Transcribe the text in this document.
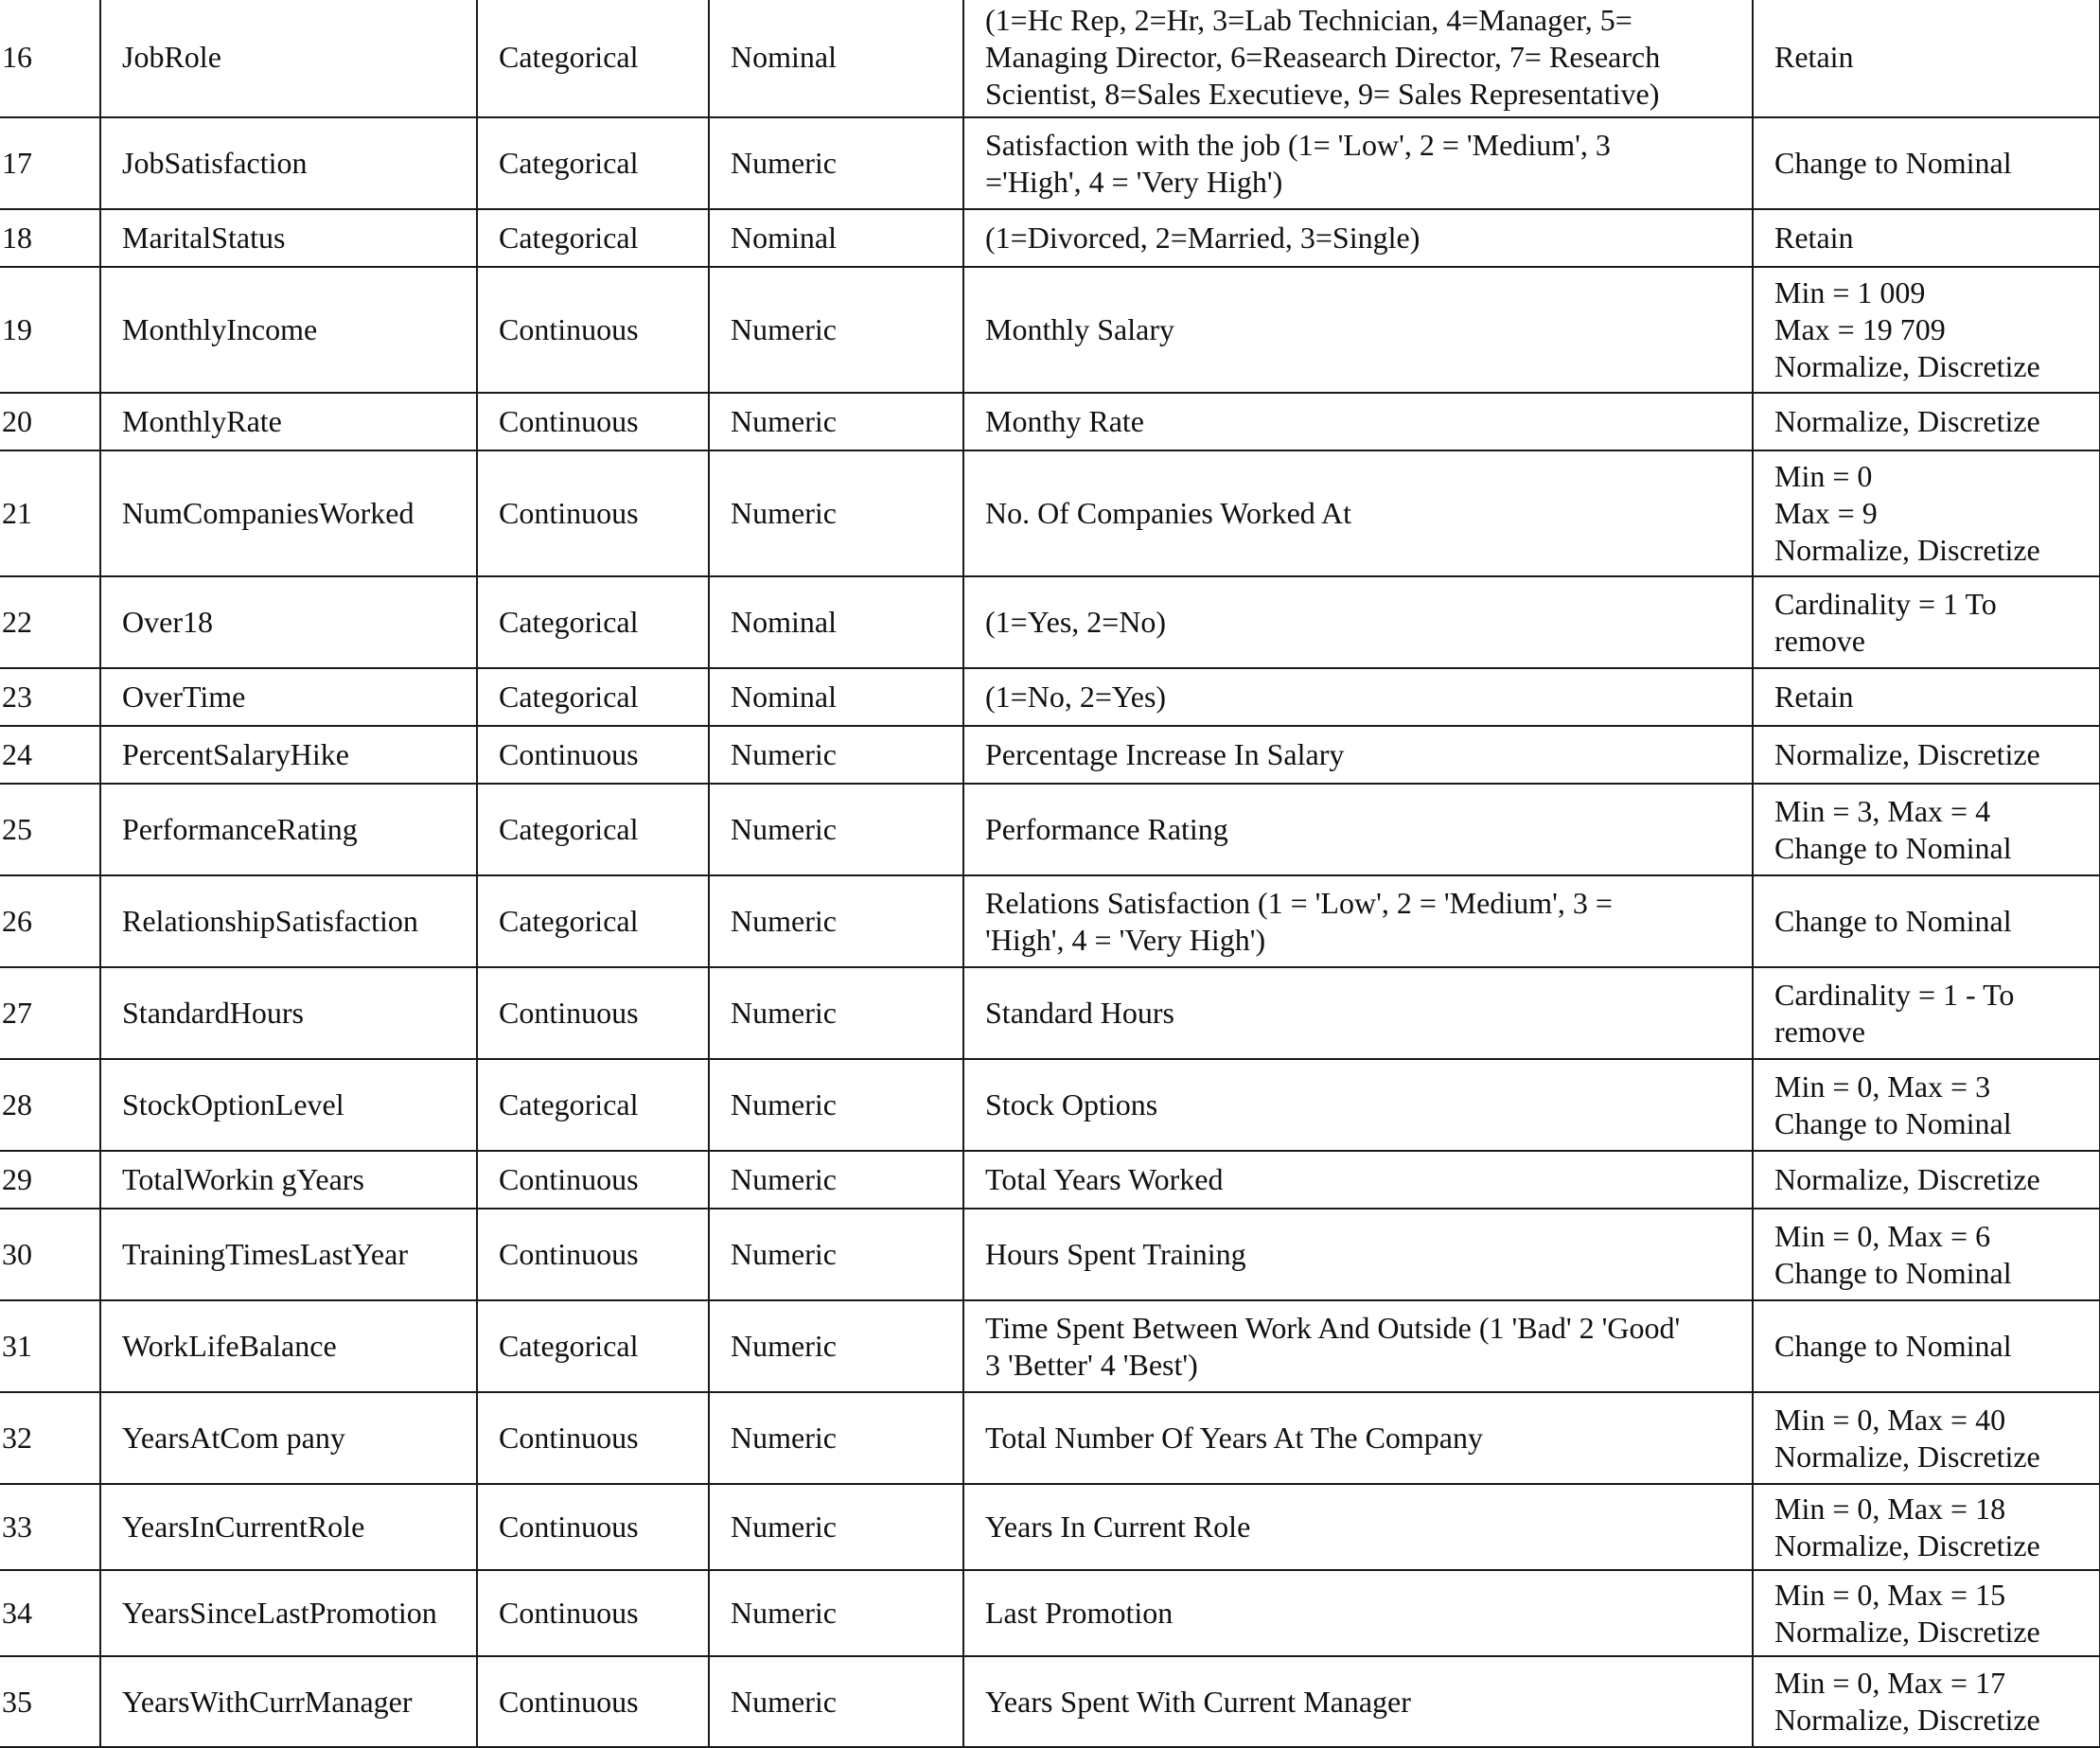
16	JobRole	Categorical	Nominal	(1=Hc Rep, 2=Hr, 3=Lab Technician, 4=Manager, 5=
Managing Director, 6=Reasearch Director, 7= Research
Scientist, 8=Sales Executieve, 9= Sales Representative)	Retain
17	JobSatisfaction	Categorical	Numeric	Satisfaction with the job (1= 'Low', 2 = 'Medium', 3
='High', 4 = 'Very High')	Change to Nominal
18	MaritalStatus	Categorical	Nominal	(1=Divorced, 2=Married, 3=Single)	Retain
19	MonthlyIncome	Continuous	Numeric	Monthly Salary	Min = 1 009
Max = 19 709
Normalize, Discretize
20	MonthlyRate	Continuous	Numeric	Monthy Rate	Normalize, Discretize
21	NumCompaniesWorked	Continuous	Numeric	No. Of Companies Worked At	Min = 0
Max = 9
Normalize, Discretize
22	Over18	Categorical	Nominal	(1=Yes, 2=No)	Cardinality = 1 To
remove
23	OverTime	Categorical	Nominal	(1=No, 2=Yes)	Retain
24	PercentSalaryHike	Continuous	Numeric	Percentage Increase In Salary	Normalize, Discretize
25	PerformanceRating	Categorical	Numeric	Performance Rating	Min = 3, Max = 4
Change to Nominal
26	RelationshipSatisfaction	Categorical	Numeric	Relations Satisfaction (1 = 'Low', 2 = 'Medium', 3 =
'High', 4 = 'Very High')	Change to Nominal
27	StandardHours	Continuous	Numeric	Standard Hours	Cardinality = 1 - To
remove
28	StockOptionLevel	Categorical	Numeric	Stock Options	Min = 0, Max = 3
Change to Nominal
29	TotalWorkin gYears	Continuous	Numeric	Total Years Worked	Normalize, Discretize
30	TrainingTimesLastYear	Continuous	Numeric	Hours Spent Training	Min = 0, Max = 6
Change to Nominal
31	WorkLifeBalance	Categorical	Numeric	Time Spent Between Work And Outside (1 'Bad' 2 'Good'
3 'Better' 4 'Best')	Change to Nominal
32	YearsAtCom pany	Continuous	Numeric	Total Number Of Years At The Company	Min = 0, Max = 40
Normalize, Discretize
33	YearsInCurrentRole	Continuous	Numeric	Years In Current Role	Min = 0, Max = 18
Normalize, Discretize
34	YearsSinceLastPromotion	Continuous	Numeric	Last Promotion	Min = 0, Max = 15
Normalize, Discretize
35	YearsWithCurrManager	Continuous	Numeric	Years Spent With Current Manager	Min = 0, Max = 17
Normalize, Discretize
